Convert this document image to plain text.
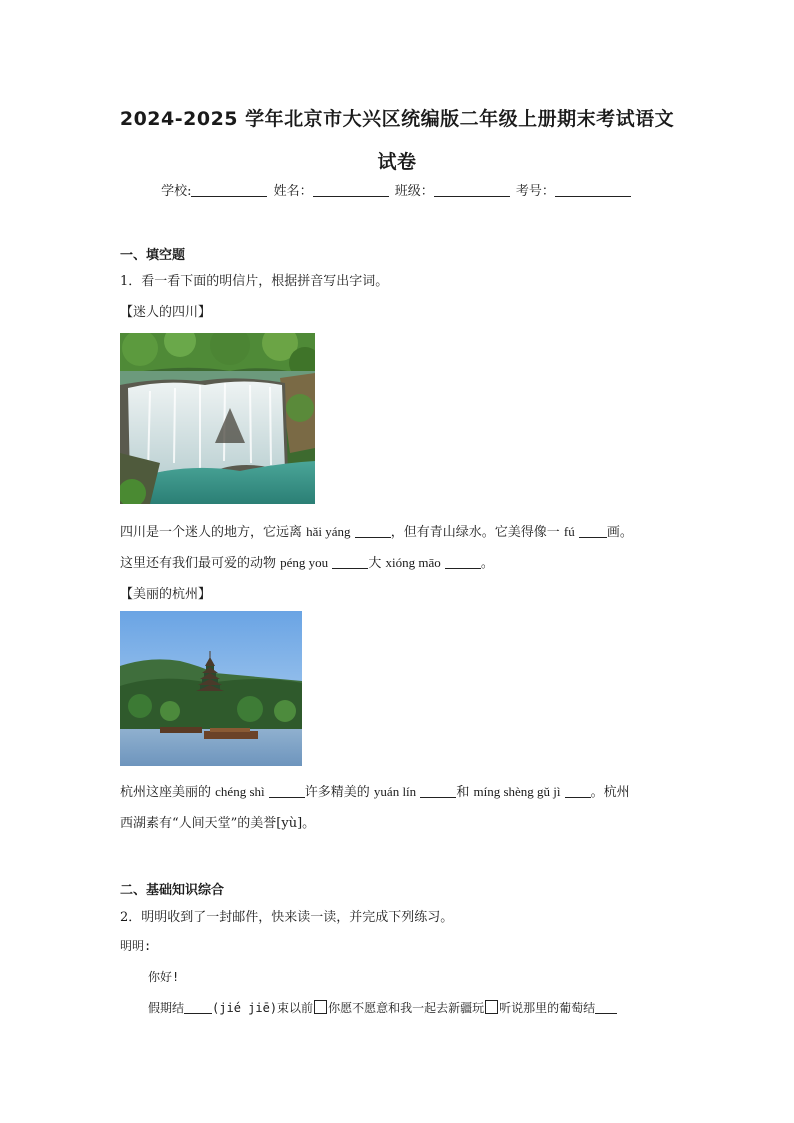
2024-2025 学年北京市大兴区统编版二年级上册期末考试语文
试卷
学校:	姓名：	班级：	考号：
一、填空题
1．看一看下面的明信片，根据拼音写出字词。
【迷人的四川】
四川是一个迷人的地方，它远离 hǎi yáng	，但有青山绿水。它美得像一 fú 画。
这里还有我们最可爱的动物 péng you	大 xióng māo	。
【美丽的杭州】
杭州这座美丽的 chéng shì	许多精美的 yuán lín	和 míng shèng gǔ jì 。杭州
西湖素有“人间天堂”的美誉[yù]。
二、基础知识综合
2．明明收到了一封邮件，快来读一读，并完成下列练习。
明明:
你好!
假期结 (jié jiē)束以前 你愿不愿意和我一起去新疆玩 听说那里的葡萄结
